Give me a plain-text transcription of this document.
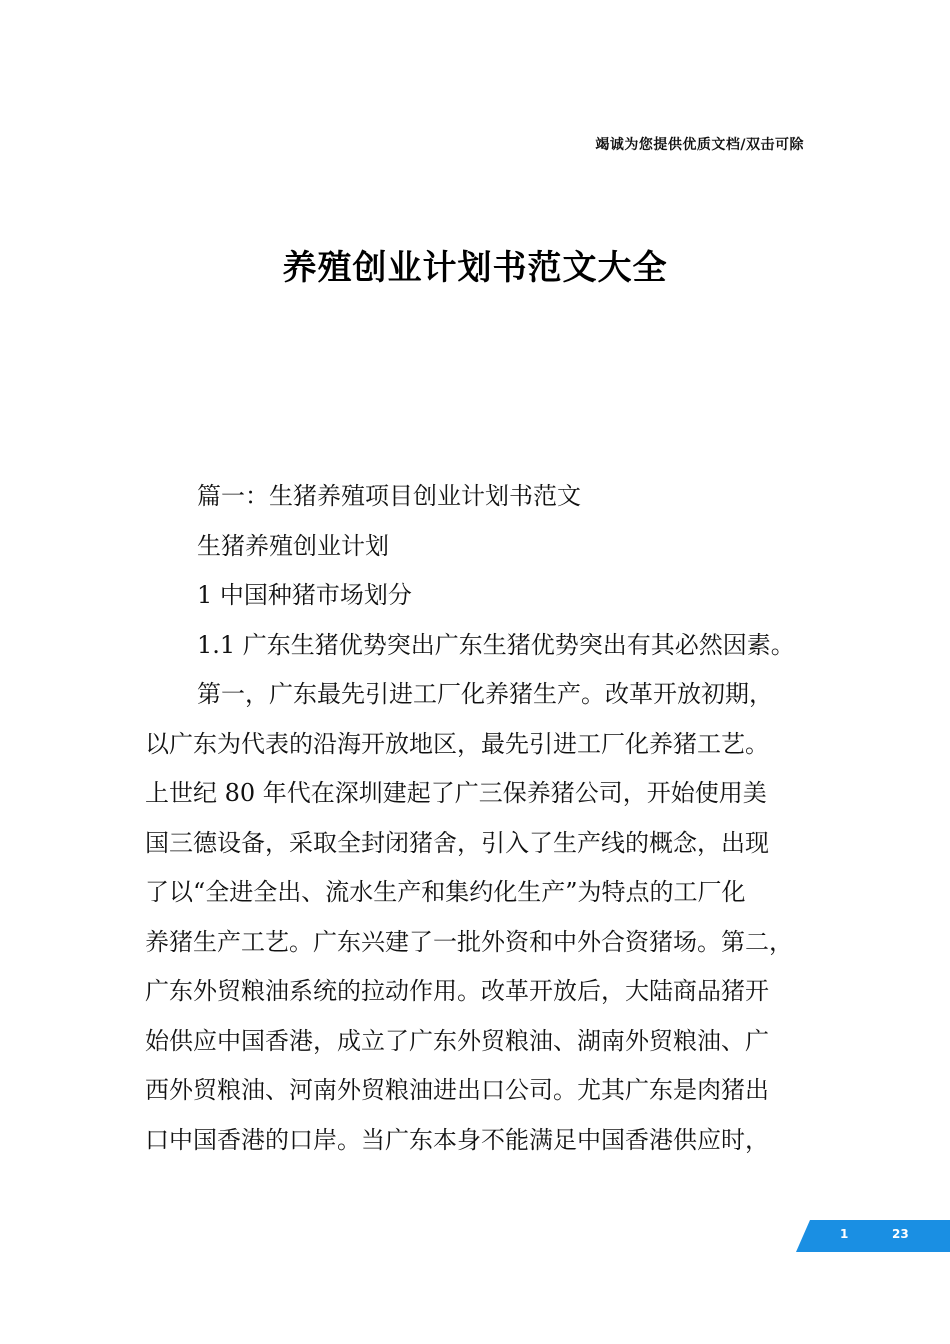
竭诚为您提供优质文档/双击可除
养殖创业计划书范文大全
篇一：生猪养殖项目创业计划书范文
生猪养殖创业计划
1 中国种猪市场划分
1.1 广东生猪优势突出广东生猪优势突出有其必然因素。
第一，广东最先引进工厂化养猪生产。改革开放初期，
以广东为代表的沿海开放地区，最先引进工厂化养猪工艺。
上世纪 80 年代在深圳建起了广三保养猪公司，开始使用美
国三德设备，采取全封闭猪舍，引入了生产线的概念，出现
了以“全进全出、流水生产和集约化生产”为特点的工厂化
养猪生产工艺。广东兴建了一批外资和中外合资猪场。第二，
广东外贸粮油系统的拉动作用。改革开放后，大陆商品猪开
始供应中国香港，成立了广东外贸粮油、湖南外贸粮油、广
西外贸粮油、河南外贸粮油进出口公司。尤其广东是肉猪出
口中国香港的口岸。当广东本身不能满足中国香港供应时，
1	23
